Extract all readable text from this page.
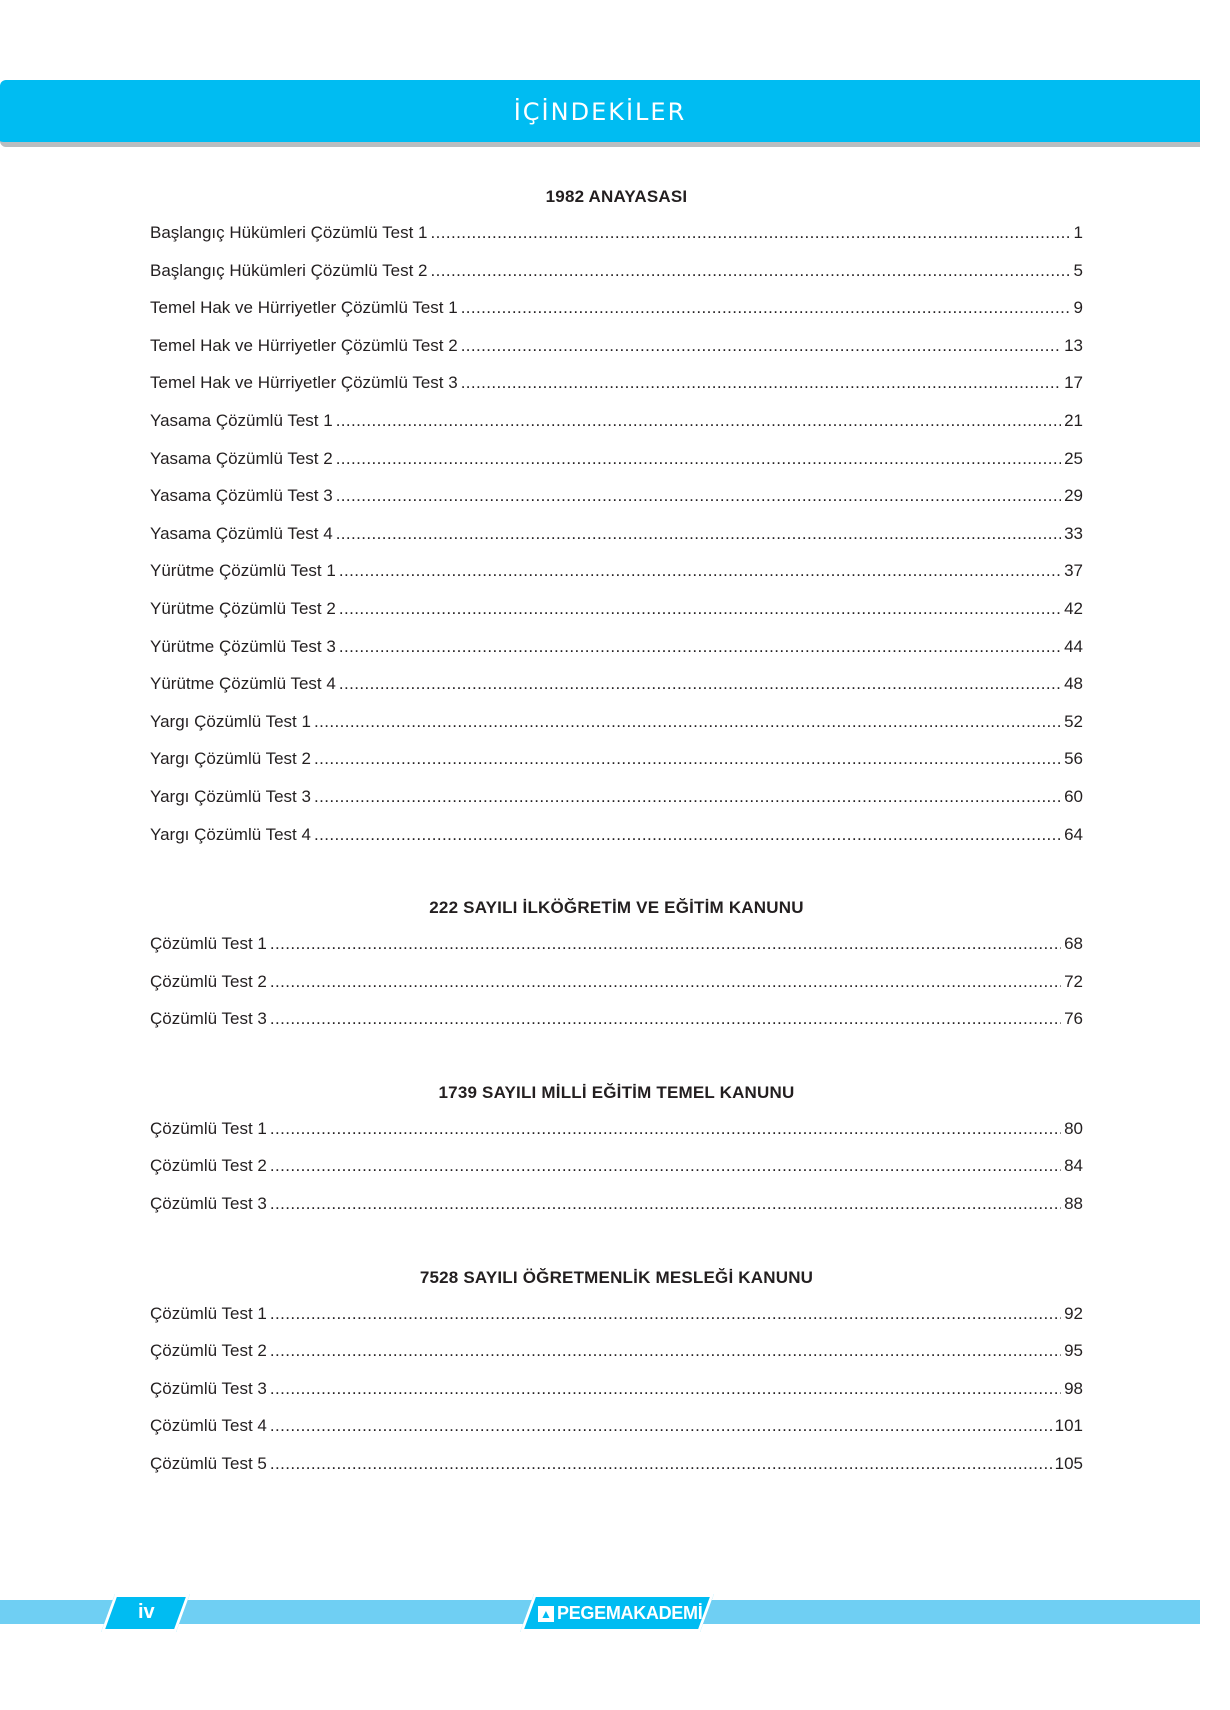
İÇİNDEKİLER
1982 ANAYASASI
Başlangıç Hükümleri Çözümlü Test 1 .....	1
Başlangıç Hükümleri Çözümlü Test 2 .....	5
Temel Hak ve Hürriyetler Çözümlü Test 1 .....	9
Temel Hak ve Hürriyetler Çözümlü Test 2 .....	13
Temel Hak ve Hürriyetler Çözümlü Test 3 .....	17
Yasama Çözümlü Test 1 .....	21
Yasama Çözümlü Test 2 .....	25
Yasama Çözümlü Test 3 .....	29
Yasama Çözümlü Test 4 .....	33
Yürütme Çözümlü Test 1 .....	37
Yürütme Çözümlü Test 2 .....	42
Yürütme Çözümlü Test 3 .....	44
Yürütme Çözümlü Test 4 .....	48
Yargı Çözümlü Test 1 .....	52
Yargı Çözümlü Test 2 .....	56
Yargı Çözümlü Test 3 .....	60
Yargı Çözümlü Test 4 .....	64
222 SAYILI İLKÖĞRETİM VE EĞİTİM KANUNU
Çözümlü Test 1 .....	68
Çözümlü Test 2 .....	72
Çözümlü Test 3 .....	76
1739 SAYILI MİLLİ EĞİTİM TEMEL KANUNU
Çözümlü Test 1 .....	80
Çözümlü Test 2 .....	84
Çözümlü Test 3 .....	88
7528 SAYILI ÖĞRETMENLİK MESLEĞİ KANUNU
Çözümlü Test 1 .....	92
Çözümlü Test 2 .....	95
Çözümlü Test 3 .....	98
Çözümlü Test 4 .....	101
Çözümlü Test 5 .....	105
iv	▲ PEGEMAKADEMİ
